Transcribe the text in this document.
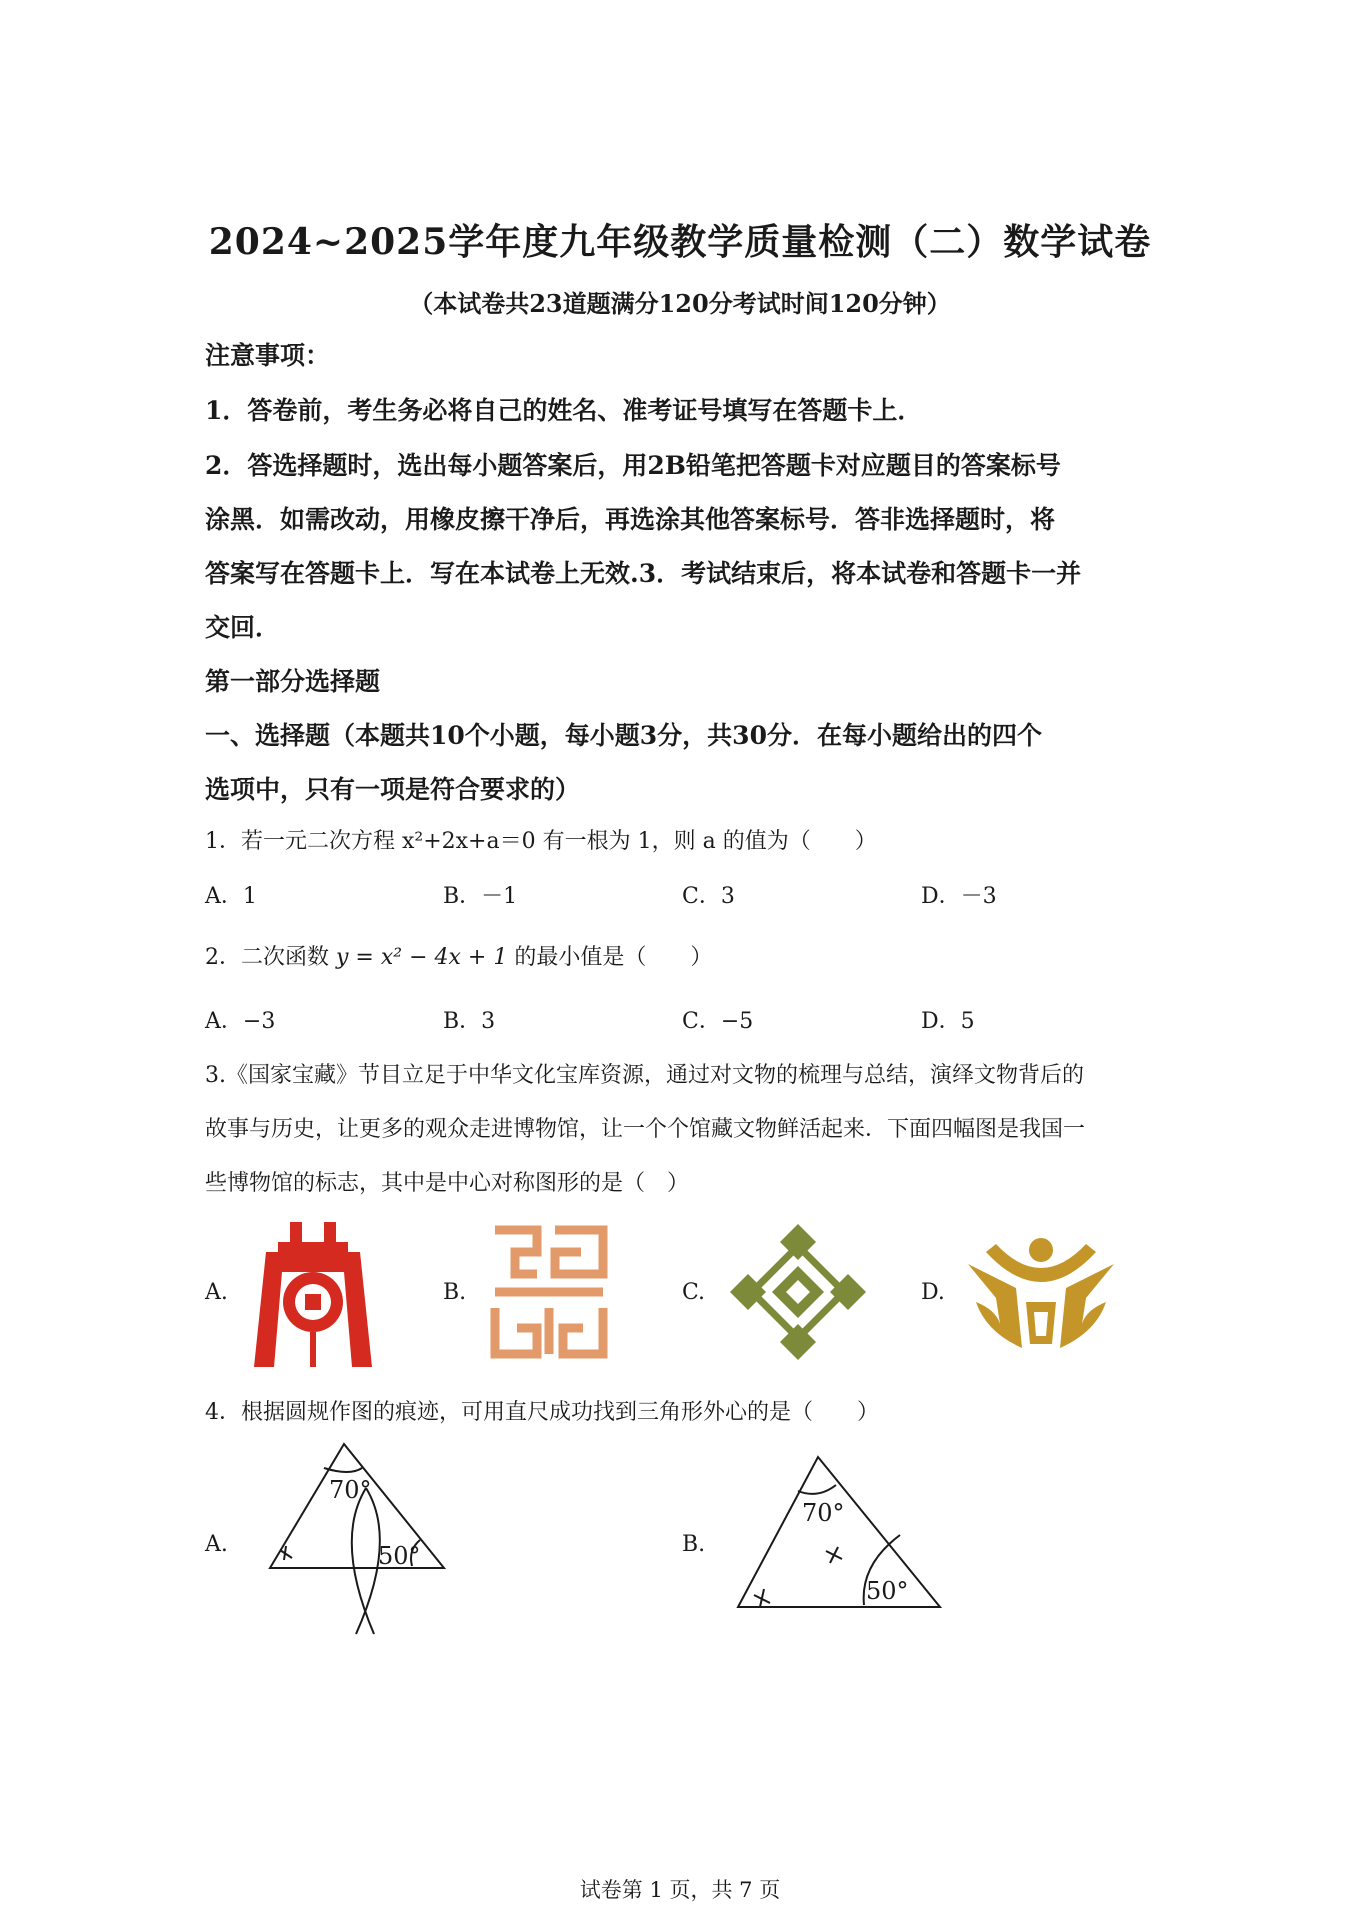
2024~2025学年度九年级教学质量检测（二）数学试卷
（本试卷共23道题满分120分考试时间120分钟）
注意事项：
1．答卷前，考生务必将自己的姓名、准考证号填写在答题卡上．
2．答选择题时，选出每小题答案后，用2B铅笔把答题卡对应题目的答案标号
涂黑．如需改动，用橡皮擦干净后，再选涂其他答案标号．答非选择题时，将
答案写在答题卡上．写在本试卷上无效.3．考试结束后，将本试卷和答题卡一并
交回．
第一部分选择题
一、选择题（本题共10个小题，每小题3分，共30分．在每小题给出的四个
选项中，只有一项是符合要求的）
1．若一元二次方程 x²+2x+a＝0 有一根为 1，则 a 的值为（　　）
A．1	B．－1	C．3	D．－3
2．二次函数 y = x² − 4x + 1 的最小值是（　　）
A．−3	B．3	C．−5	D．5
3.《国家宝藏》节目立足于中华文化宝库资源，通过对文物的梳理与总结，演绎文物背后的
故事与历史，让更多的观众走进博物馆，让一个个馆藏文物鲜活起来．下面四幅图是我国一
些博物馆的标志，其中是中心对称图形的是（　）
A.	B.	C.	D.
4．根据圆规作图的痕迹，可用直尺成功找到三角形外心的是（　　）
A.	B.
70°
50°
70°
50°
试卷第 1 页，共 7 页
